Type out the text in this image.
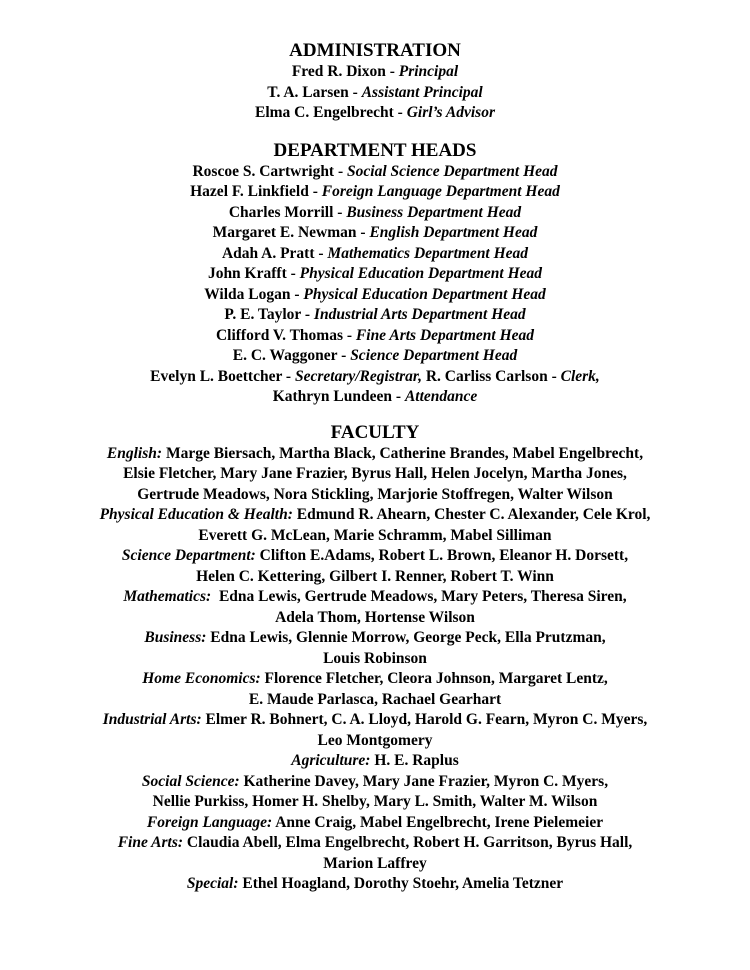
ADMINISTRATION
Fred R. Dixon - Principal
T. A. Larsen - Assistant Principal
Elma C. Engelbrecht - Girl’s Advisor
DEPARTMENT HEADS
Roscoe S. Cartwright - Social Science Department Head
Hazel F. Linkfield - Foreign Language Department Head
Charles Morrill - Business Department Head
Margaret E. Newman - English Department Head
Adah A. Pratt - Mathematics Department Head
John Krafft - Physical Education Department Head
Wilda Logan - Physical Education Department Head
P. E. Taylor - Industrial Arts Department Head
Clifford V. Thomas - Fine Arts Department Head
E. C. Waggoner - Science Department Head
Evelyn L. Boettcher - Secretary/Registrar, R. Carliss Carlson - Clerk,
Kathryn Lundeen - Attendance
FACULTY
English: Marge Biersach, Martha Black, Catherine Brandes, Mabel Engelbrecht,
Elsie Fletcher, Mary Jane Frazier, Byrus Hall, Helen Jocelyn, Martha Jones,
Gertrude Meadows, Nora Stickling, Marjorie Stoffregen, Walter Wilson
Physical Education & Health: Edmund R. Ahearn, Chester C. Alexander, Cele Krol,
Everett G. McLean, Marie Schramm, Mabel Silliman
Science Department: Clifton E.Adams, Robert L. Brown, Eleanor H. Dorsett,
Helen C. Kettering, Gilbert I. Renner, Robert T. Winn
Mathematics:  Edna Lewis, Gertrude Meadows, Mary Peters, Theresa Siren,
Adela Thom, Hortense Wilson
Business: Edna Lewis, Glennie Morrow, George Peck, Ella Prutzman,
Louis Robinson
Home Economics: Florence Fletcher, Cleora Johnson, Margaret Lentz,
E. Maude Parlasca, Rachael Gearhart
Industrial Arts: Elmer R. Bohnert, C. A. Lloyd, Harold G. Fearn, Myron C. Myers,
Leo Montgomery
Agriculture: H. E. Raplus
Social Science: Katherine Davey, Mary Jane Frazier, Myron C. Myers,
Nellie Purkiss, Homer H. Shelby, Mary L. Smith, Walter M. Wilson
Foreign Language: Anne Craig, Mabel Engelbrecht, Irene Pielemeier
Fine Arts: Claudia Abell, Elma Engelbrecht, Robert H. Garritson, Byrus Hall,
Marion Laffrey
Special: Ethel Hoagland, Dorothy Stoehr, Amelia Tetzner
